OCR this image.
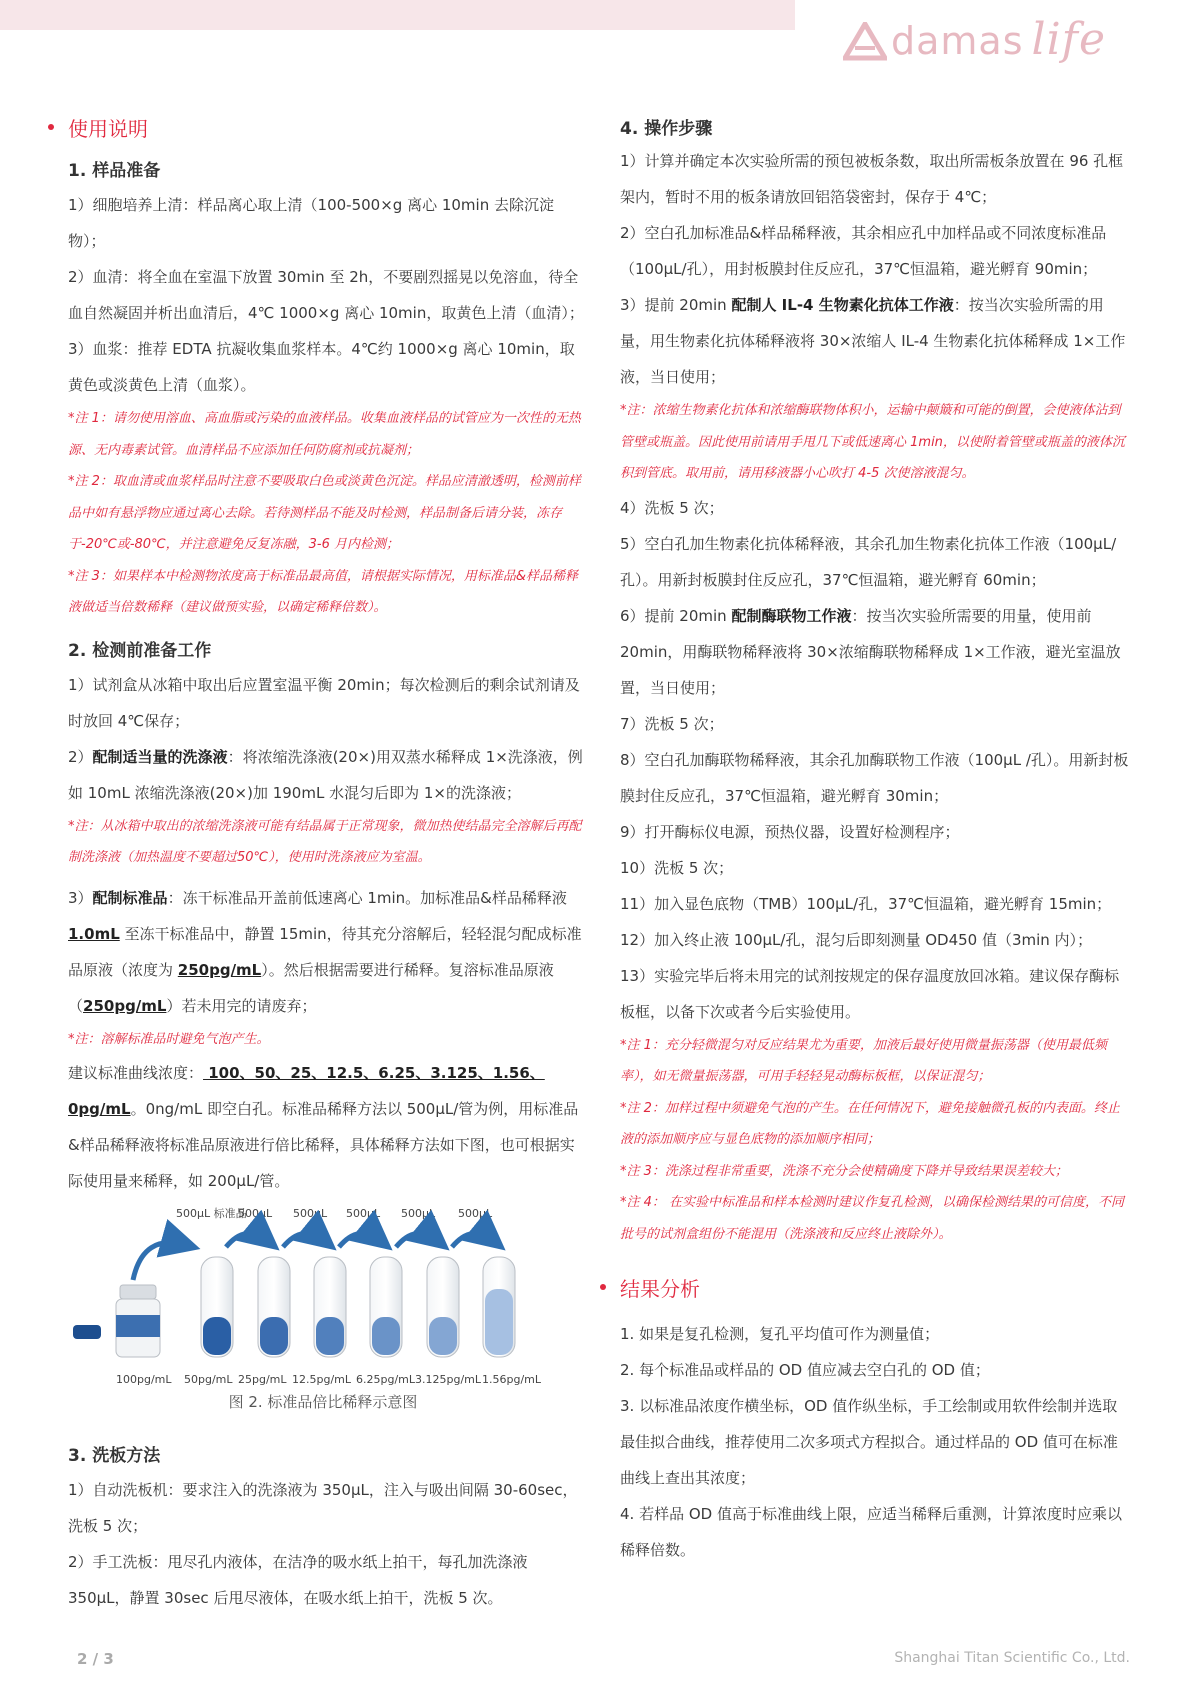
damas life
使用说明
1. 样品准备
1）细胞培养上清：样品离心取上清（100-500×g 离心 10min 去除沉淀物）；
2）血清：将全血在室温下放置 30min 至 2h，不要剧烈摇晃以免溶血，待全血自然凝固并析出血清后，4℃ 1000×g 离心 10min，取黄色上清（血清）；
3）血浆：推荐 EDTA 抗凝收集血浆样本。4℃约 1000×g 离心 10min，取黄色或淡黄色上清（血浆）。
*注 1：请勿使用溶血、高血脂或污染的血液样品。收集血液样品的试管应为一次性的无热源、无内毒素试管。血清样品不应添加任何防腐剂或抗凝剂；
*注 2：取血清或血浆样品时注意不要吸取白色或淡黄色沉淀。样品应清澈透明，检测前样品中如有悬浮物应通过离心去除。若待测样品不能及时检测，样品制备后请分装，冻存于-20℃或-80℃，并注意避免反复冻融，3-6 月内检测；
*注 3：如果样本中检测物浓度高于标准品最高值，请根据实际情况，用标准品&样品稀释液做适当倍数稀释（建议做预实验，以确定稀释倍数）。
2. 检测前准备工作
1）试剂盒从冰箱中取出后应置室温平衡 20min；每次检测后的剩余试剂请及时放回 4℃保存；
2）配制适当量的洗涤液：将浓缩洗涤液(20×)用双蒸水稀释成 1×洗涤液，例如 10mL 浓缩洗涤液(20×)加 190mL 水混匀后即为 1×的洗涤液；
*注：从冰箱中取出的浓缩洗涤液可能有结晶属于正常现象，微加热使结晶完全溶解后再配制洗涤液（加热温度不要超过50℃），使用时洗涤液应为室温。
3）配制标准品：冻干标准品开盖前低速离心 1min。加标准品&样品稀释液 1.0mL 至冻干标准品中，静置 15min，待其充分溶解后，轻轻混匀配成标准品原液（浓度为 250pg/mL）。然后根据需要进行稀释。复溶标准品原液（250pg/mL）若未用完的请废弃；
*注：溶解标准品时避免气泡产生。
建议标准曲线浓度： 100、50、25、12.5、6.25、3.125、1.56、0pg/mL。0ng/mL 即空白孔。标准品稀释方法以 500μL/管为例，用标准品&样品稀释液将标准品原液进行倍比稀释，具体稀释方法如下图，也可根据实际使用量来稀释，如 200μL/管。
500μL 标准品
500μL 500μL 500μL 500μL 500μL
100pg/mL 50pg/mL 25pg/mL 12.5pg/mL 6.25pg/mL 3.125pg/mL 1.56pg/mL
图 2. 标准品倍比稀释示意图
3. 洗板方法
1）自动洗板机：要求注入的洗涤液为 350μL，注入与吸出间隔 30-60sec，洗板 5 次；
2）手工洗板：甩尽孔内液体，在洁净的吸水纸上拍干，每孔加洗涤液 350μL，静置 30sec 后甩尽液体，在吸水纸上拍干，洗板 5 次。
4. 操作步骤
1）计算并确定本次实验所需的预包被板条数，取出所需板条放置在 96 孔框架内，暂时不用的板条请放回铝箔袋密封，保存于 4℃；
2）空白孔加标准品&样品稀释液，其余相应孔中加样品或不同浓度标准品（100μL/孔），用封板膜封住反应孔，37℃恒温箱，避光孵育 90min；
3）提前 20min 配制人 IL-4 生物素化抗体工作液：按当次实验所需的用量，用生物素化抗体稀释液将 30×浓缩人 IL-4 生物素化抗体稀释成 1×工作液，当日使用；
*注：浓缩生物素化抗体和浓缩酶联物体积小，运输中颠簸和可能的倒置，会使液体沾到管壁或瓶盖。因此使用前请用手甩几下或低速离心 1min，以使附着管壁或瓶盖的液体沉积到管底。取用前，请用移液器小心吹打 4-5 次使溶液混匀。
4）洗板 5 次；
5）空白孔加生物素化抗体稀释液，其余孔加生物素化抗体工作液（100μL/孔）。用新封板膜封住反应孔，37℃恒温箱，避光孵育 60min；
6）提前 20min 配制酶联物工作液：按当次实验所需要的用量，使用前 20min，用酶联物稀释液将 30×浓缩酶联物稀释成 1×工作液，避光室温放置，当日使用；
7）洗板 5 次；
8）空白孔加酶联物稀释液，其余孔加酶联物工作液（100μL /孔）。用新封板膜封住反应孔，37℃恒温箱，避光孵育 30min；
9）打开酶标仪电源，预热仪器，设置好检测程序；
10）洗板 5 次；
11）加入显色底物（TMB）100μL/孔，37℃恒温箱，避光孵育 15min；
12）加入终止液 100μL/孔，混匀后即刻测量 OD450 值（3min 内）；
13）实验完毕后将未用完的试剂按规定的保存温度放回冰箱。建议保存酶标板框，以备下次或者今后实验使用。
*注 1：充分轻微混匀对反应结果尤为重要，加液后最好使用微量振荡器（使用最低频率），如无微量振荡器，可用手轻轻晃动酶标板框，以保证混匀；
*注 2：加样过程中须避免气泡的产生。在任何情况下，避免接触微孔板的内表面。终止液的添加顺序应与显色底物的添加顺序相同；
*注 3：洗涤过程非常重要，洗涤不充分会使精确度下降并导致结果误差较大；
*注 4： 在实验中标准品和样本检测时建议作复孔检测，以确保检测结果的可信度，不同批号的试剂盒组份不能混用（洗涤液和反应终止液除外）。
结果分析
1. 如果是复孔检测，复孔平均值可作为测量值；
2. 每个标准品或样品的 OD 值应减去空白孔的 OD 值；
3. 以标准品浓度作横坐标，OD 值作纵坐标，手工绘制或用软件绘制并选取最佳拟合曲线，推荐使用二次多项式方程拟合。通过样品的 OD 值可在标准曲线上查出其浓度；
4. 若样品 OD 值高于标准曲线上限，应适当稀释后重测，计算浓度时应乘以稀释倍数。
2 / 3	Shanghai Titan Scientific Co., Ltd.
